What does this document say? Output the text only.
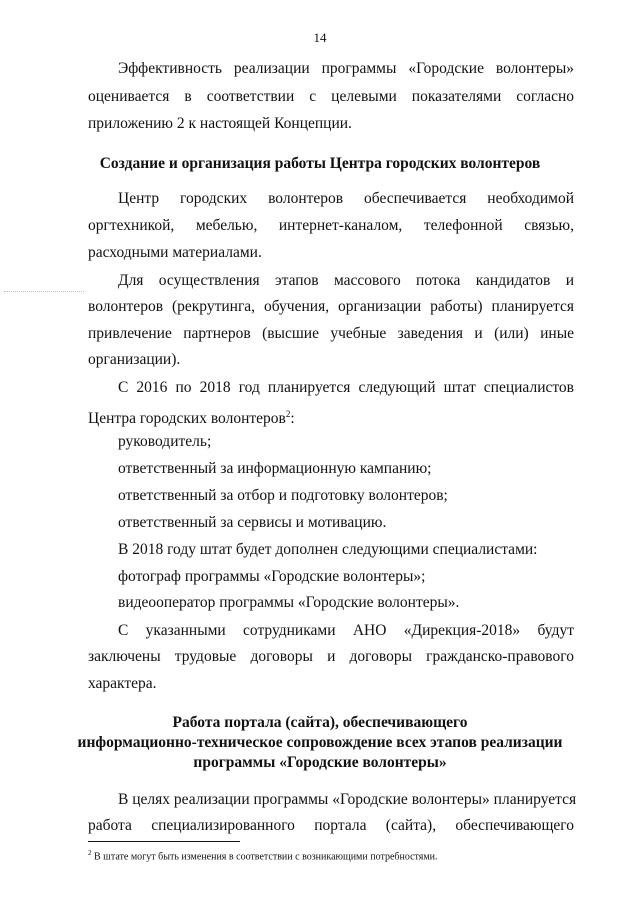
14
Эффективность реализации программы «Городские волонтеры»
оценивается в соответствии с целевыми показателями согласно
приложению 2 к настоящей Концепции.
Создание и организация работы Центра городских волонтеров
Центр городских волонтеров обеспечивается необходимой
оргтехникой, мебелью, интернет-каналом, телефонной связью,
расходными материалами.
Для осуществления этапов массового потока кандидатов и
волонтеров (рекрутинга, обучения, организации работы) планируется
привлечение партнеров (высшие учебные заведения и (или) иные
организации).
С 2016 по 2018 год планируется следующий штат специалистов
Центра городских волонтеров$^2$:
руководитель;
ответственный за информационную кампанию;
ответственный за отбор и подготовку волонтеров;
ответственный за сервисы и мотивацию.
В 2018 году штат будет дополнен следующими специалистами:
фотограф программы «Городские волонтеры»;
видеооператор программы «Городские волонтеры».
С указанными сотрудниками АНО «Дирекция-2018» будут
заключены трудовые договоры и договоры гражданско-правового
характера.
Работа портала (сайта), обеспечивающего
информационно-техническое сопровождение всех этапов реализации
программы «Городские волонтеры»
В целях реализации программы «Городские волонтеры» планируется
работа специализированного портала (сайта), обеспечивающего
$^2$ В штате могут быть изменения в соответствии с возникающими потребностями.
